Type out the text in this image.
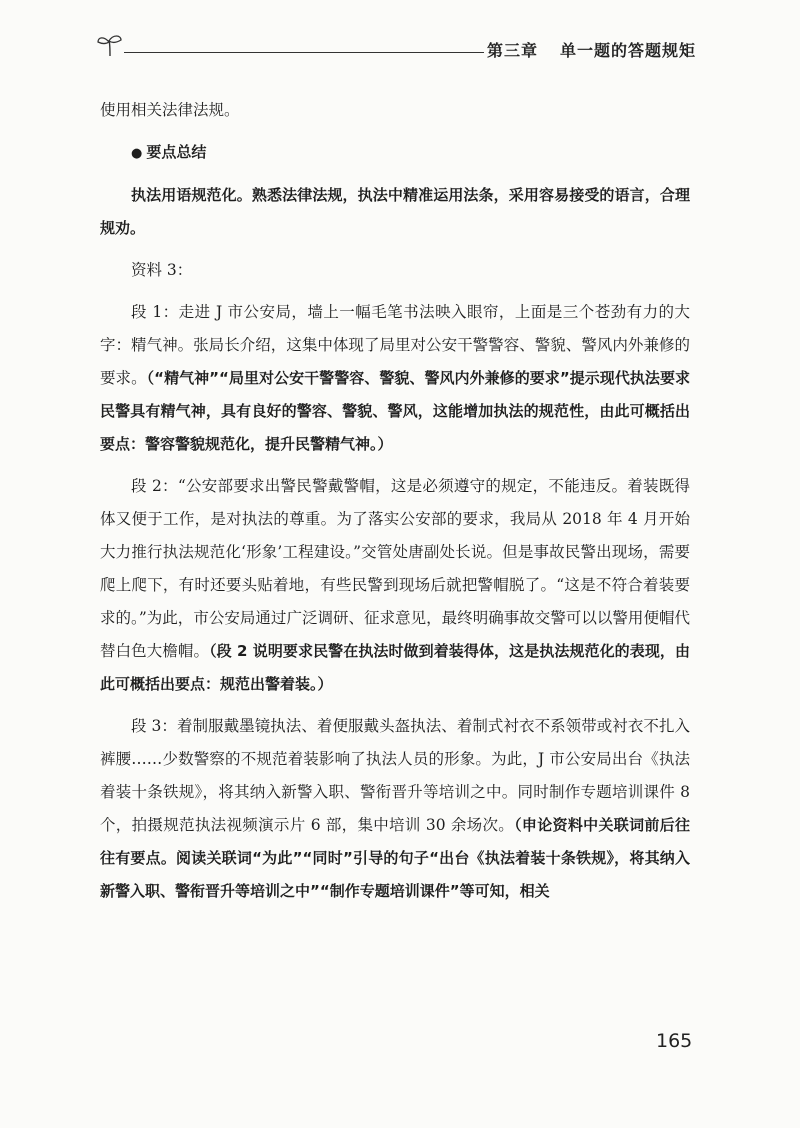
第三章 单一题的答题规矩

使用相关法律法规。

● 要点总结

执法用语规范化。熟悉法律法规，执法中精准运用法条，采用容易接受的语言，合理规劝。

资料 3：

段 1：走进 J 市公安局，墙上一幅毛笔书法映入眼帘，上面是三个苍劲有力的大字：精气神。张局长介绍，这集中体现了局里对公安干警警容、警貌、警风内外兼修的要求。（“精气神”“局里对公安干警警容、警貌、警风内外兼修的要求”提示现代执法要求民警具有精气神，具有良好的警容、警貌、警风，这能增加执法的规范性，由此可概括出要点：警容警貌规范化，提升民警精气神。）

段 2：“公安部要求出警民警戴警帽，这是必须遵守的规定，不能违反。着装既得体又便于工作，是对执法的尊重。为了落实公安部的要求，我局从 2018 年 4 月开始大力推行执法规范化‘形象’工程建设。”交管处唐副处长说。但是事故民警出现场，需要爬上爬下，有时还要头贴着地，有些民警到现场后就把警帽脱了。“这是不符合着装要求的。”为此，市公安局通过广泛调研、征求意见，最终明确事故交警可以以警用便帽代替白色大檐帽。（段 2 说明要求民警在执法时做到着装得体，这是执法规范化的表现，由此可概括出要点：规范出警着装。）

段 3：着制服戴墨镜执法、着便服戴头盔执法、着制式衬衣不系领带或衬衣不扎入裤腰……少数警察的不规范着装影响了执法人员的形象。为此，J 市公安局出台《执法着装十条铁规》，将其纳入新警入职、警衔晋升等培训之中。同时制作专题培训课件 8 个，拍摄规范执法视频演示片 6 部，集中培训 30 余场次。（申论资料中关联词前后往往有要点。阅读关联词“为此”“同时”引导的句子“出台《执法着装十条铁规》，将其纳入新警入职、警衔晋升等培训之中”“制作专题培训课件”等可知，相关

165
